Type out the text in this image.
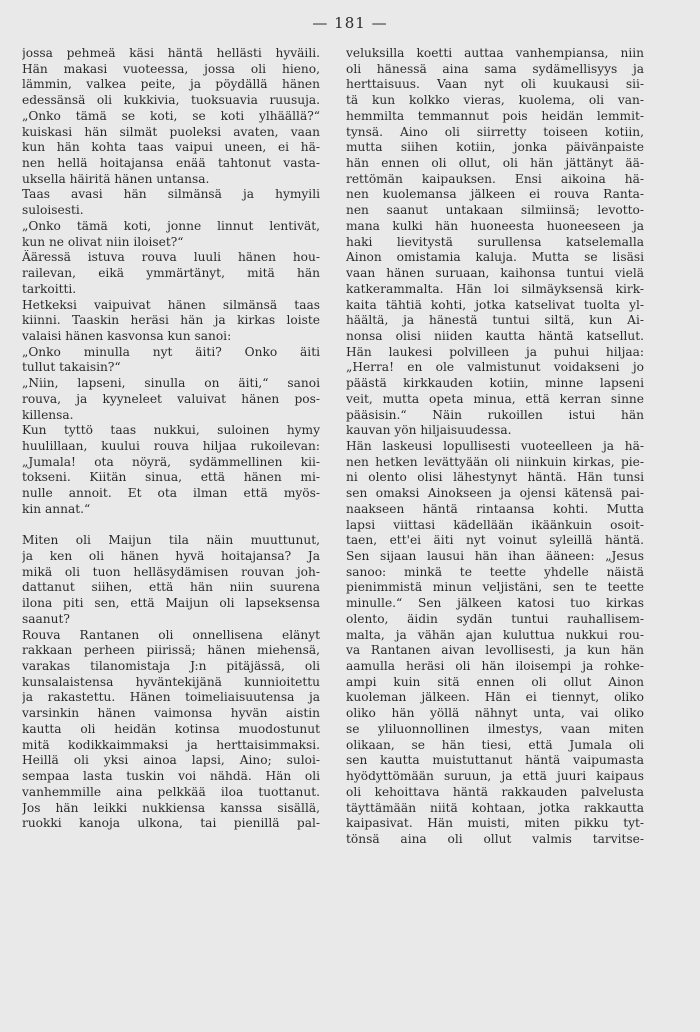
— 181 —
jossa pehmeä käsi häntä hellästi hyväili.
Hän makasi vuoteessa, jossa oli hieno,
lämmin, valkea peite, ja pöydällä hänen
edessänsä oli kukkivia, tuoksuavia ruusuja.
„Onko tämä se koti, se koti ylhäällä?“
kuiskasi hän silmät puoleksi avaten, vaan
kun hän kohta taas vaipui uneen, ei hä-
nen hellä hoitajansa enää tahtonut vasta-
uksella häiritä hänen untansa.
Taas avasi hän silmänsä ja hymyili
suloisesti.
„Onko tämä koti, jonne linnut lentivät,
kun ne olivat niin iloiset?“
Ääressä istuva rouva luuli hänen hou-
railevan, eikä ymmärtänyt, mitä hän
tarkoitti.
Hetkeksi vaipuivat hänen silmänsä taas
kiinni. Taaskin heräsi hän ja kirkas loiste
valaisi hänen kasvonsa kun sanoi:
„Onko minulla nyt äiti? Onko äiti
tullut takaisin?“
„Niin, lapseni, sinulla on äiti,“ sanoi
rouva, ja kyyneleet valuivat hänen pos-
killensa.
Kun tyttö taas nukkui, suloinen hymy
huulillaan, kuului rouva hiljaa rukoilevan:
„Jumala! ota nöyrä, sydämmellinen kii-
tokseni. Kiitän sinua, että hänen mi-
nulle annoit. Et ota ilman että myös-
kin annat.“
Miten oli Maijun tila näin muuttunut,
ja ken oli hänen hyvä hoitajansa? Ja
mikä oli tuon helläsydämisen rouvan joh-
dattanut siihen, että hän niin suurena
ilona piti sen, että Maijun oli lapseksensa
saanut?
Rouva Rantanen oli onnellisena elänyt
rakkaan perheen piirissä; hänen miehensä,
varakas tilanomistaja J:n pitäjässä, oli
kunsalaistensa hyväntekijänä kunnioitettu
ja rakastettu. Hänen toimeliaisuutensa ja
varsinkin hänen vaimonsa hyvän aistin
kautta oli heidän kotinsa muodostunut
mitä kodikkaimmaksi ja herttaisimmaksi.
Heillä oli yksi ainoa lapsi, Aino; suloi-
sempaa lasta tuskin voi nähdä. Hän oli
vanhemmille aina pelkkää iloa tuottanut.
Jos hän leikki nukkiensa kanssa sisällä,
ruokki kanoja ulkona, tai pienillä pal-
veluksilla koetti auttaa vanhempiansa, niin
oli hänessä aina sama sydämellisyys ja
herttaisuus. Vaan nyt oli kuukausi sii-
tä kun kolkko vieras, kuolema, oli van-
hemmilta temmannut pois heidän lemmit-
tynsä. Aino oli siirretty toiseen kotiin,
mutta siihen kotiin, jonka päivänpaiste
hän ennen oli ollut, oli hän jättänyt ää-
rettömän kaipauksen. Ensi aikoina hä-
nen kuolemansa jälkeen ei rouva Ranta-
nen saanut untakaan silmiinsä; levotto-
mana kulki hän huoneesta huoneeseen ja
haki lievitystä surullensa katselemalla
Ainon omistamia kaluja. Mutta se lisäsi
vaan hänen suruaan, kaihonsa tuntui vielä
katkerammalta. Hän loi silmäyksensä kirk-
kaita tähtiä kohti, jotka katselivat tuolta yl-
häältä, ja hänestä tuntui siltä, kun Ai-
nonsa olisi niiden kautta häntä katsellut.
Hän laukesi polvilleen ja puhui hiljaa:
„Herra! en ole valmistunut voidakseni jo
päästä kirkkauden kotiin, minne lapseni
veit, mutta opeta minua, että kerran sinne
pääsisin.“ Näin rukoillen istui hän
kauvan yön hiljaisuudessa.
Hän laskeusi lopullisesti vuoteelleen ja hä-
nen hetken levättyään oli niinkuin kirkas, pie-
ni olento olisi lähestynyt häntä. Hän tunsi
sen omaksi Ainokseen ja ojensi kätensä pai-
naakseen häntä rintaansa kohti. Mutta
lapsi viittasi kädellään ikäänkuin osoit-
taen, ett'ei äiti nyt voinut syleillä häntä.
Sen sijaan lausui hän ihan ääneen: „Jesus
sanoo: minkä te teette yhdelle näistä
pienimmistä minun veljistäni, sen te teette
minulle.“ Sen jälkeen katosi tuo kirkas
olento, äidin sydän tuntui rauhallisem-
malta, ja vähän ajan kuluttua nukkui rou-
va Rantanen aivan levollisesti, ja kun hän
aamulla heräsi oli hän iloisempi ja rohke-
ampi kuin sitä ennen oli ollut Ainon
kuoleman jälkeen. Hän ei tiennyt, oliko
oliko hän yöllä nähnyt unta, vai oliko
se yliluonnollinen ilmestys, vaan miten
olikaan, se hän tiesi, että Jumala oli
sen kautta muistuttanut häntä vaipumasta
hyödyttömään suruun, ja että juuri kaipaus
oli kehoittava häntä rakkauden palvelusta
täyttämään niitä kohtaan, jotka rakkautta
kaipasivat. Hän muisti, miten pikku tyt-
tönsä aina oli ollut valmis tarvitse-
